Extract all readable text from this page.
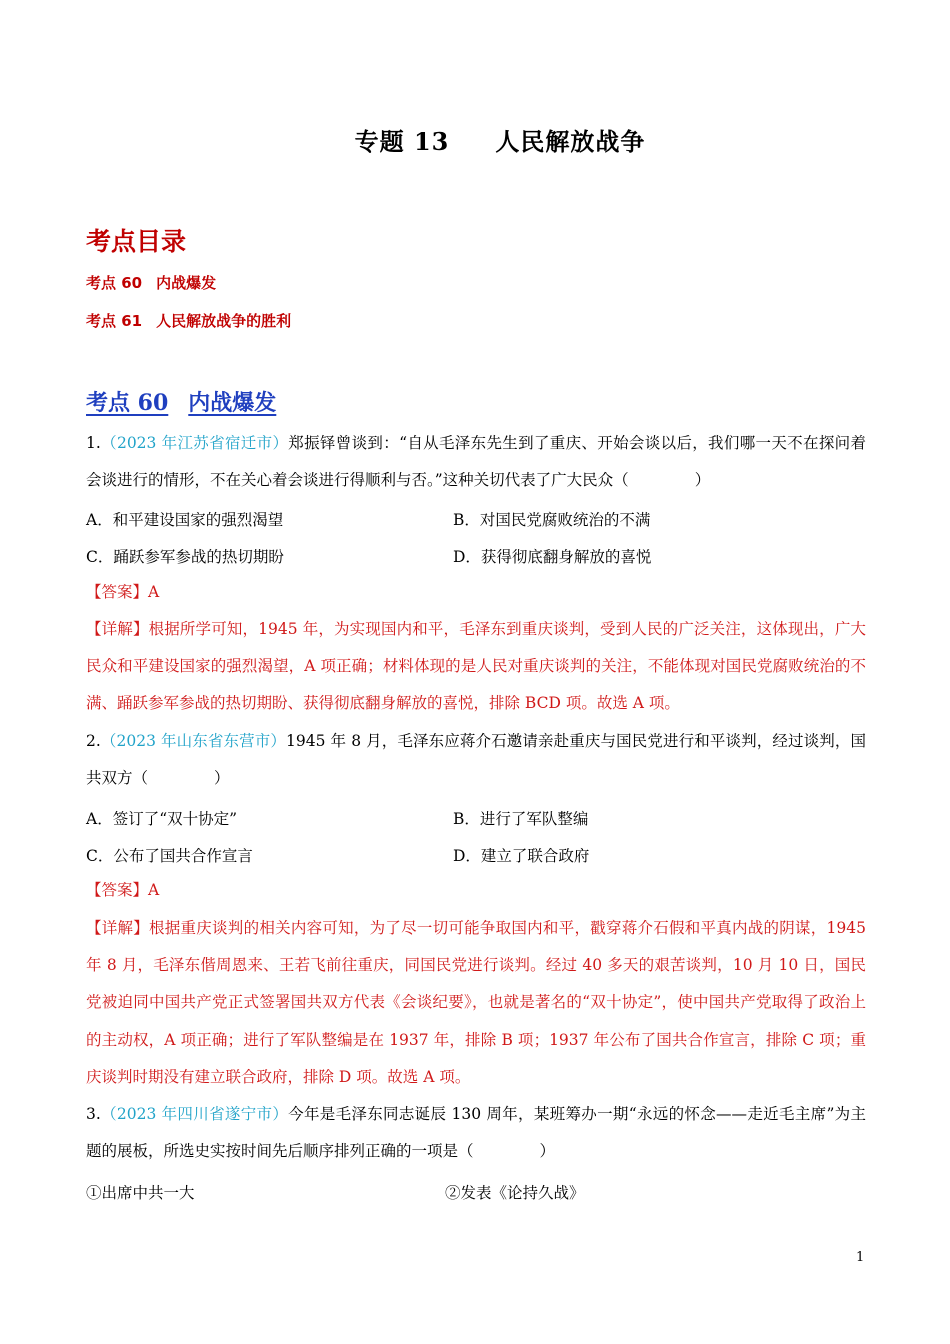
专题 13 人民解放战争
考点目录
考点 60 内战爆发
考点 61 人民解放战争的胜利
考点 60 内战爆发
1.（2023 年江苏省宿迁市）郑振铎曾谈到：“自从毛泽东先生到了重庆、开始会谈以后，我们哪一天不在探问着会谈进行的情形，不在关心着会谈进行得顺利与否。”这种关切代表了广大民众（	）
A．和平建设国家的强烈渴望	B．对国民党腐败统治的不满
C．踊跃参军参战的热切期盼	D．获得彻底翻身解放的喜悦
【答案】A
【详解】根据所学可知，1945 年，为实现国内和平，毛泽东到重庆谈判，受到人民的广泛关注，这体现出，广大民众和平建设国家的强烈渴望，A 项正确；材料体现的是人民对重庆谈判的关注，不能体现对国民党腐败统治的不满、踊跃参军参战的热切期盼、获得彻底翻身解放的喜悦，排除 BCD 项。故选 A 项。
2.（2023 年山东省东营市）1945 年 8 月，毛泽东应蒋介石邀请亲赴重庆与国民党进行和平谈判，经过谈判，国共双方（	）
A．签订了“双十协定”	B．进行了军队整编
C．公布了国共合作宣言	D．建立了联合政府
【答案】A
【详解】根据重庆谈判的相关内容可知，为了尽一切可能争取国内和平，戳穿蒋介石假和平真内战的阴谋，1945 年 8 月，毛泽东偕周恩来、王若飞前往重庆，同国民党进行谈判。经过 40 多天的艰苦谈判，10 月 10 日，国民党被迫同中国共产党正式签署国共双方代表《会谈纪要》，也就是著名的“双十协定”，使中国共产党取得了政治上的主动权，A 项正确；进行了军队整编是在 1937 年，排除 B 项；1937 年公布了国共合作宣言，排除 C 项；重庆谈判时期没有建立联合政府，排除 D 项。故选 A 项。
3.（2023 年四川省遂宁市）今年是毛泽东同志诞辰 130 周年，某班筹办一期“永远的怀念——走近毛主席”为主题的展板，所选史实按时间先后顺序排列正确的一项是（	）
①出席中共一大	②发表《论持久战》
1
